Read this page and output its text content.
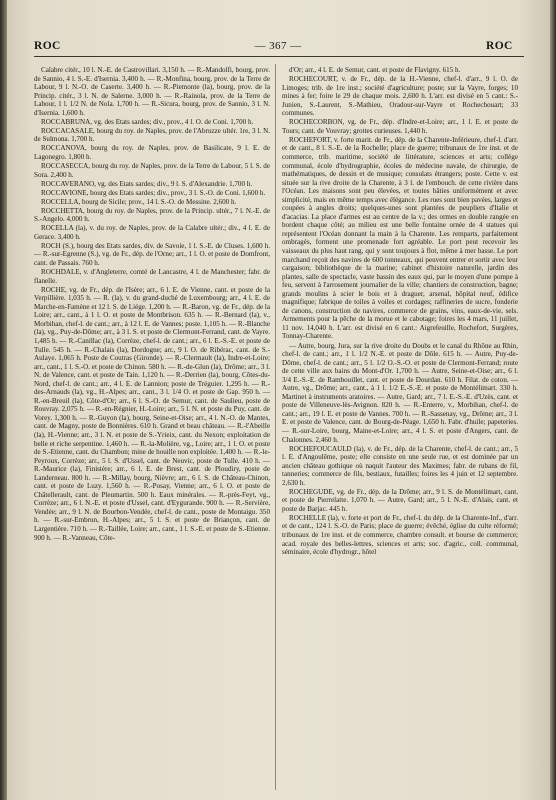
ROC	— 367 —	ROC

Calabre citér., 10 l. N.-E. de Castrovillari. 3,150 h. — R.-Mandolfi, bourg, prov. de Sannio, 4 l. S.-E. d'Isernia. 3,400 h. — R.-Monfina, bourg, prov. de la Terre de Labour, 9 l. N.-O. de Caserte. 3,400 h. — R.-Piemonte (la), bourg, prov. de la Princip. citér., 3 l. N. de Salerne. 3,000 h. — R.-Rainola, prov. de la Terre de Labour, 1 l. 1/2 N. de Nola. 1,700 h. — R.-Sicura, bourg, prov. de Sannio, 3 l. N. d'Isernia. 1,600 h.

ROCCABRUNA, vg. des Etats sardes; div., prov., 4 l. O. de Coni. 1,700 h.

ROCCACASALE, bourg du roy. de Naples, prov. de l'Abruzze ultér. 1re, 3 l. N. de Sulmona. 1,700 h.

ROCCANOVA, bourg du roy. de Naples, prov. de Basilicate, 9 l. E. de Lagonegro. 1,800 h.

ROCCASECCA, bourg du roy. de Naples, prov. de la Terre de Labour, 5 l. S. de Sora. 2,400 h.

ROCCAVERANO, vg. des Etats sardes; div., 9 l. S. d'Alexandrie. 1,700 h.

ROCCAVIONE, bourg des Etats sardes; div., prov., 3 l. S.-O. de Coni. 1,600 h.

ROCCELLA, bourg de Sicile; prov., 14 l. S.-O. de Messine. 2,600 h.

ROCCHETTA, bourg du roy. de Naples, prov. de la Princip. ultér., 7 l. N.-E. de S.-Angelo. 4,000 h.

ROCELLA (la), v. du roy. de Naples, prov. de la Calabre ultér.; div., 4 l. E. de Gerace. 3,400 h.

ROCH (S.), bourg des Etats sardes, div. de Savoie, 1 l. S.-E. de Cluses. 1,600 h. — R.-sur-Egrenne (S.), vg. de Fr., dép. de l'Orne; arr., 1 l. O. et poste de Domfront, cant. de Passais. 760 h.

ROCHDALE, v. d'Angleterre, comté de Lancastre, 4 l. de Manchester; fabr. de flanelle.

ROCHE, vg. de Fr., dép. de l'Isère; arr., 6 l. E. de Vienne, cant. et poste de la Verpillière. 1,035 h. — R. (la), v. du grand-duché de Luxembourg; arr., 4 l. E. de Marche-en-Famène et 12 l. S. de Liége. 1,200 h. — R.-Baron, vg. de Fr., dép. de la Loire; arr., cant., à 1 l. O. et poste de Montbrison. 635 h. — R.-Bernard (la), v., Morbihan, chef-l. de cant.; arr., à 12 l. E. de Vannes; poste. 1,105 h. — R.-Blanche (la), vg., Puy-de-Dôme; arr., à 3 l. S. et poste de Clermont-Ferrand, cant. de Vayre. 1,485 h. — R.-Canillac (la), Corrèze, chef-l. de cant.; arr., 6 l. E.-S.-E. et poste de Tulle. 545 h. — R.-Chalais (la), Dordogne; arr., 9 l. O. de Ribérac, cant. de S.-Aulaye. 1,065 h. Poste de Coutras (Gironde). — R.-Clermault (la), Indre-et-Loire; arr., cant., 1 l. S.-O. et poste de Chinon. 580 h. — R.-de-Glun (la), Drôme; arr., 3 l. N. de Valence, cant. et poste de Tain. 1,120 h. — R.-Derrien (la), bourg, Côtes-du-Nord, chef-l. de cant.; arr., 4 l. E. de Lannion; poste de Tréguier. 1,295 h. — R.-des-Arnauds (la), vg., H.-Alpes; arr., cant., 3 l. 1/4 O. et poste de Gap. 950 h. — R.-en-Breuil (la), Côte-d'Or; arr., 6 l. S.-O. de Semur, cant. de Saulieu, poste de Rouvray. 2,075 h. — R.-en-Régnier, H.-Loire; arr., 5 l. N. et poste du Puy, cant. de Vorey. 1,300 h. — R.-Guyon (la), bourg, Seine-et-Oise; arr., 4 l. N.-O. de Mantes, cant. de Magny, poste de Bonnières. 610 h. Grand et beau château. — R.-l'Abeille (la), H.-Vienne; arr., 3 l. N. et poste de S.-Yrieix, cant. du Nexon; exploitation de belle et riche serpentine. 1,460 h. — R.-la-Molière, vg., Loire; arr., 1 l. O. et poste de S.-Etienne, cant. du Chambon; mine de houille non exploitée. 1,400 h. — R.-le-Peyroux, Corrèze; arr., 5 l. S. d'Ussel, cant. de Neuvic, poste de Tulle. 410 h. — R.-Maurice (la), Finistère; arr., 6 l. E. de Brest, cant. de Ploudiry, poste de Landerneau. 800 h. — R.-Millay, bourg, Nièvre; arr., 6 l. S. de Château-Chinon, cant. et poste de Luzy. 1,560 h. — R.-Posay, Vienne; arr., 6 l. O. et poste de Châtellerault, cant. de Pleumartin. 500 h. Eaux minérales. — R.-près-Feyt, vg., Corrèze; arr., 6 l. N.-E. et poste d'Ussel, cant. d'Eygurande. 900 h. — R.-Servière, Vendée; arr., 9 l. N. de Bourbon-Vendée, chef-l. de cant., poste de Montaigu. 350 h. — R.-sur-Embrun, H.-Alpes; arr., 5 l. S. et poste de Briançon, cant. de Largentière. 710 h. — R.-Taillée, Loire; arr., cant., 1 l. S.-E. et poste de S.-Etienne. 900 h. — R.-Vanneau, Côte-

d'Or; arr., 4 l. E. de Semur, cant. et poste de Flavigny. 615 h.

ROCHECOURT, v. de Fr., dép. de la H.-Vienne, chef-l. d'arr., 9 l. O. de Limoges; trib. de 1re inst.; société d'agriculture; poste; sur la Vayre, forges; 10 mines à fer; foire le 29 de chaque mois. 2,600 h. L'arr. est divisé en 5 cant.: S.-Junien, S.-Laurent, S.-Mathieu, Oradour-sur-Vayre et Rochechouart; 33 communes.

ROCHECORBON, vg. de Fr., dép. d'Indre-et-Loire; arr., 1 l. E. et poste de Tours; cant. de Vouvray; grottes curieuses. 1,440 h.

ROCHEFORT, v. forte marit. de Fr., dép. de la Charente-Inférieure, chef-l. d'arr. et de cant., 8 l. S.-E. de la Rochelle; place de guerre; tribunaux de 1re inst. et de commerce, trib. maritime, société de littérature, sciences et arts; collège communal, école d'hydrographie, écoles de médecine navale, de chirurgie, de mathématiques, de dessin et de musique; consulats étrangers; poste. Cette v. est située sur la rive droite de la Charente, à 3 l. de l'embouch. de cette rivière dans l'Océan. Les maisons sont peu élevées, et toutes bâties uniformément et avec simplicité, mais en même temps avec élégance. Les rues sont bien pavées, larges et coupées à angles droits; quelques-unes sont plantées de peupliers d'Italie et d'acacias. La place d'armes est au centre de la v.; des ormes en double rangée en bordent chaque côté; au milieu est une belle fontaine ornée de 4 statues qui représentent l'Océan donnant la main à la Charente. Les remparts, parfaitement ombragés, forment une promenade fort agréable. Le port peut recevoir les vaisseaux du plus haut rang, qui y sont toujours à flot, même à mer basse. Le port marchand reçoit des navires de 600 tonneaux, qui peuvent entrer et sortir avec leur cargaison; bibliothèque de la marine; cabinet d'histoire naturelle, jardin des plantes, salle de spectacle, vaste bassin des eaux qui, par le moyen d'une pompe à feu, servent à l'arrosement journalier de la ville; chantiers de construction, bagne; grands moulins à scier le bois et à draguer, arsenal, hôpital neuf, édifice magnifique; fabrique de toiles à voiles et cordages; raffineries de sucre, fonderie de canons, construction de navires, commerce de grains, vins, eaux-de-vie, sels. Armements pour la pêche de la morue et le cabotage; foires les 4 mars, 11 juillet, 11 nov. 14,040 h. L'arr. est divisé en 6 cant.: Aigrefeuille, Rochefort, Surgères, Tonnay-Charente.

— Autre, bourg, Jura, sur la rive droite du Doubs et le canal du Rhône au Rhin, chef-l. de cant.; arr., 1 l. 1/2 N.-E. et poste de Dôle. 615 h. — Autre, Puy-de-Dôme, chef-l. de cant.; arr., 5 l. 1/2 O.-S.-O. et poste de Clermont-Ferrand; route de cette ville aux bains du Mont-d'Or. 1,700 h. — Autre, Seine-et-Oise; arr., 6 l. 3/4 E.-S.-E. de Rambouillet, cant. et poste de Dourdan. 610 h. Filat. de coton. — Autre, vg., Drôme; arr., cant., à 1 l. 1/2 E.-S.-E. et poste de Montélimart. 330 h. Martinet à instruments aratoires. — Autre, Gard; arr., 7 l. E.-S.-E. d'Uzès, cant. et poste de Villeneuve-lès-Avignon. 820 h. — R.-Enterre, v., Morbihan, chef-l. de cant.; arr., 19 l. E. et poste de Vannes. 700 h. — R.-Sassenay, vg., Drôme; arr., 3 l. E. et poste de Valence, cant. de Bourg-de-Péage. 1,650 h. Fabr. d'huile; papeteries. — R.-sur-Loire, bourg, Maine-et-Loire; arr., 4 l. S. et poste d'Angers, cant. de Chalonnes. 2,460 h.

ROCHEFOUCAULD (la), v. de Fr., dép. de la Charente, chef-l. de cant.; arr., 5 l. E. d'Angoulême, poste; elle consiste en une seule rue, et est dominée par un ancien château gothique où naquit l'auteur des Maximes; fabr. de rubans de fil, tanneries; commerce de fils, bestiaux, futailles; foires les 4 juin et 12 septembre. 2,630 h.

ROCHEGUDE, vg. de Fr., dép. de la Drôme; arr., 9 l. S. de Montélimart, cant. et poste de Pierrelatte. 1,070 h. — Autre, Gard; arr., 5 l. N.-E. d'Alais, cant. et poste de Barjac. 445 h.

ROCHELLE (la), v. forte et port de Fr., chef-l. du dép. de la Charente-Inf., d'arr. et de cant., 124 l. S.-O. de Paris; place de guerre; évêché, église du culte réformé; tribunaux de 1re inst. et de commerce, chambre consult. et bourse de commerce; acad. royale des belles-lettres, sciences et arts; soc. d'agric., coll. communal, séminaire, école d'hydrogr., hôtel
